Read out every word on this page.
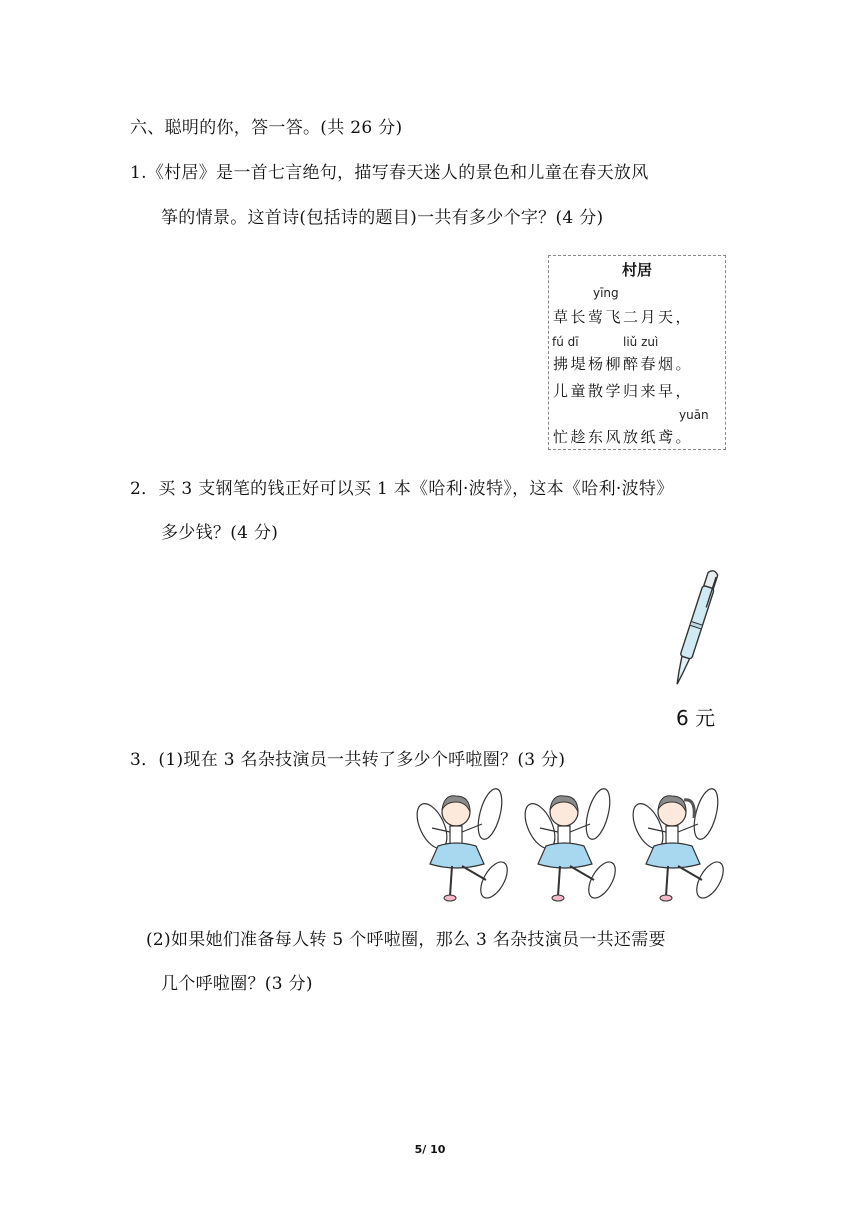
六、聪明的你，答一答。(共 26 分)
1.《村居》是一首七言绝句，描写春天迷人的景色和儿童在春天放风
筝的情景。这首诗(包括诗的题目)一共有多少个字？(4 分)
村居
yīng
草长莺飞二月天，
fú dī	liǔ zuì
拂堤杨柳醉春烟。
儿童散学归来早，
yuān
忙趁东风放纸鸢。
2．买 3 支钢笔的钱正好可以买 1 本《哈利·波特》，这本《哈利·波特》
多少钱？(4 分)
6 元
3．(1)现在 3 名杂技演员一共转了多少个呼啦圈？(3 分)
(2)如果她们准备每人转 5 个呼啦圈，那么 3 名杂技演员一共还需要
几个呼啦圈？(3 分)
5/ 10
